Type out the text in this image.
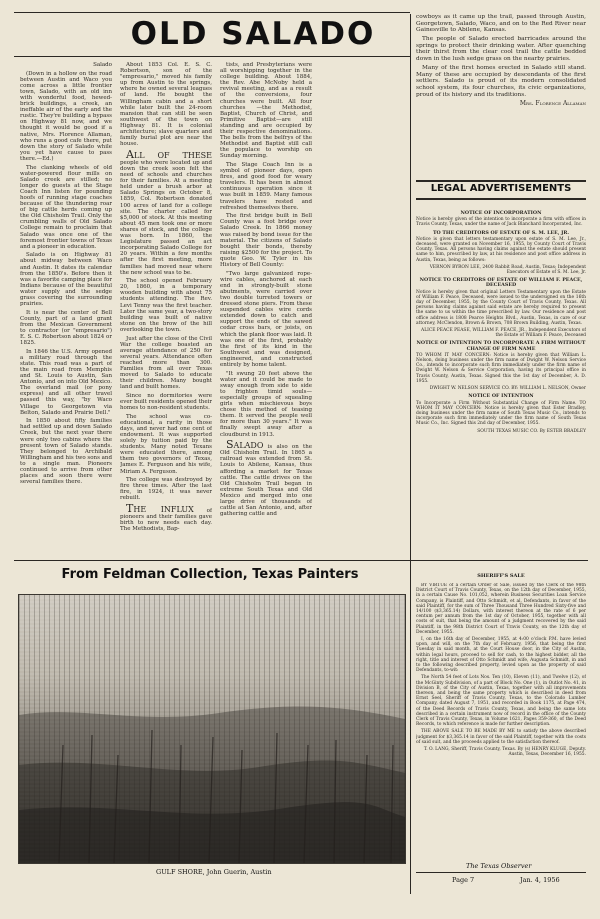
OLD SALADO

Salado

(Down in a hollow on the road between Austin and Waco you come across a little frontier town, Salado, with an old inn with wonderful food, hewed-brick buildings, a creek, an ineffable air of the early and the rustic. They're building a bypass on Highway 81 now, and we thought it would be good if a native, Mrs. Florence Allaman, who runs a good cafe there, put down the story of Salado while you yet have cause to pass there.—Ed.)

The clanking wheels of old water-powered flour mills on Salado creek are stilled; no longer do guests at the Stage Coach Inn listen for pounding hoofs of running stage coaches because of the thundering roar of big cattle herds coming up the Old Chisholm Trail. Only the crumbling walls of Old Salado College remain to proclaim that Salado was once one of the foremost frontier towns of Texas and a pioneer in education.

Salado is on Highway 81 about midway between Waco and Austin. It dates its calendar from the 1850's. Before then it was a favorite camping place for Indians because of the beautiful water supply and the sedge grass covering the surrounding prairies.

It is near the center of Bell County, part of a land grant from the Mexican Government to contractor (or "empresario") E. S. C. Robertson about 1824 or 1825.

In 1846 the U.S. Army opened a military road through the state. This road was a part of the main road from Memphis and St. Louis to Austin, San Antonio, and on into Old Mexico. The overland mail (or pony express) and all other travel passed this way, "by Waco Village to Georgetown via Belton, Salado and Prairie Dell."

In 1850 about fifty families had settled up and down Salado Creek, but the next year there were only two cabins where the present town of Salado stands. They belonged to Archibald Willingham and his two sons and to a single man. Pioneers continued to arrive from other places and soon there were several families there.

About 1853 Col. E. S. C. Robertson, son of the "empresario," moved his family up from Austin to the springs, where he owned several leagues of land. He bought the Willingham cabin and a short while later built the 24-room mansion that can still be seen southwest of the town on Highway 81. It is colonial architecture; slave quarters and family burial plot are near the house.

All of these people who were located up and down the creek soon felt the need of schools and churches for their families. At a meeting held under a brush arbor at Salado Springs on October 8, 1859, Col. Robertson donated 100 acres of land for a college site. The charter called for $5,000 of stock. At this meeting about 45 men took one or more shares of stock, and the college was born. In 1860, the Legislature passed an act incorporating Salado College for 20 years. Within a few months after the first meeting, more families had moved near where the new school was to be.

The school opened February 20, 1860, in a temporary wooden building with about 75 students attending. The Rev. Levi Tenny was the first teacher. Later the same year, a two-story building was built of native stone on the brow of the hill overlooking the town.

Just after the close of the Civil War the college boasted an average attendance of 250 for several years. Attendance often reached more than 300. Families from all over Texas moved to Salado to educate their children. Many bought land and built homes.

Since no dormitories were ever built residents opened their homes to non-resident students.

The school was co-educational, a rarity in those days, and never had one cent of endowment. It was supported solely by tuition paid by the students. Many noted Texans were educated there, among them two governors of Texas, James E. Ferguson and his wife, Miriam A. Ferguson.

The college was destroyed by fire three times. After the last fire, in 1924, it was never rebuilt.

The influx of pioneers and their families gave birth to new needs each day. The Methodists, Bap-

tists, and Presbyterians were all worshipping together in the college building. About 1884, the Rev. Abe McNoby held a revival meeting, and as a result of the conversions, four churches were built. All four churches —the Methodist, Baptist, Church of Christ, and Primitive Baptist—are still standing and are occupied by their respective denominations. The bells from the belfrys of the Methodist and Baptist still call the populace to worship on Sunday morning.

The Stage Coach Inn is a symbol of pioneer days, open fires, and good food for weary travelers. It has been in almost continuous operation since it was built in 1859. Many famous travelers have rested and refreshed themselves there.

The first bridge built in Bell County was a foot bridge over Salado Creek. In 1866 money was raised by bond issue for the material. The citizens of Salado bought their bonds, thereby raising $2500 for the project. To quote Geo. W. Tyler in his History of Bell County:

"Two large galvanized rope-wire cables, anchored at each end in strongly-built stone abutments, were carried over two double turreted towers or dressed stone piers. From these suspended cables wire cords extended down to catch and support the ends of the sawed cedar cross bars, or joists, on which the plank floor was laid. It was one of the first, probably the first of its kind in the Southwest and was designed, engineered, and constructed entirely by home talent.

"It swung 20 feet above the water and it could be made to sway enough from side to side to frighten timid souls—especially groups of squealing girls when mischievous boys chose this method of teasing them. It served the people well for more than 30 years." It was finally swept away after a cloudburst in 1913.

Salado is also on the Old Chisholm Trail. In 1865 a railroad was extended from St. Louis to Abilene, Kansas, thus affording a market for Texas cattle. The cattle drives on the Old Chisholm Trail began in extreme South Texas and Old Mexico and merged into one large drive of thousands of cattle at San Antonio, and, after gathering cattle and

cowboys as it came up the trail, passed through Austin, Georgetown, Salado, Waco, and on to the Red River near Gainesville to Abilene, Kansas.

The people of Salado erected barricades around the springs to protect their drinking water. After quenching their thirst from the clear cool trail the cattle bedded down in the lush sedge grass on the nearby prairies.

Many of the first homes erected in Salado still stand. Many of these are occupied by descendants of the first settlers. Salado is proud of its modern consolidated school system, its four churches, its civic organizations, proud of its history and its traditions.

Mrs. Florence Allaman

LEGAL ADVERTISEMENTS
NOTICE OF INCORPORATION

Notice is hereby given of the intention to incorporate a firm with offices in Travis County, Texas, under the name of Jack Blanchard Incorporated, Inc.

TO THE CREDITORS OF ESTATE OF S. M. LEE, JR.

Notice is given that letters testamentary upon estate of S. M. Lee, Jr., deceased, were granted on November 16, 1955, by County Court of Travis County, Texas. All persons having claims against the estate should present same to him, prescribed by law, at his residence and post office address in Austin, Texas, being as follows:

VERNON BYRON LEE, 2400 Rabbit Road, Austin, Texas; Independent Executors of Estate of S. M. Lee, Jr.

NOTICE TO CREDITORS OF ESTATE OF WILLIAM F. PEACE, DECEASED

Notice is hereby given that original Letters Testamentary upon the Estate of William F. Peace, Deceased, were issued to the undersigned on the 16th day of December, 1955, by the County Court of Travis County, Texas. All persons having claims against said estate are hereby required to present the same to us within the time prescribed by law. Our residence and post office address is 1808 Pearce Heights Blvd., Austin, Texas, in care of our attorney, McClendon, Brown & Brown, 708 Brown Building, Austin, Texas.

ALICE PEACE PEASE, WILLIAM F. PEACE, JR., Independent Executors of the Estate of William F. Peace, Deceased

NOTICE OF INTENTION TO INCORPORATE A FIRM WITHOUT CHANGE OF FIRM NAME

TO WHOM IT MAY CONCERN: Notice is hereby given that William L. Nelson, doing business under the firm name of Dwight W. Nelson Service Co., intends to incorporate such firm immediately under the firm name of Dwight W. Nelson & Service Corporation, having its principal office in Travis County, Austin, Texas. Signed this the 1st day of December, A. D. 1955.

DWIGHT W. NELSON SERVICE CO. BY: WILLIAM L. NELSON, Owner

NOTICE OF INTENTION

To Incorporate a Firm Without Substantial Change of Firm Name. TO WHOM IT MAY CONCERN: Notice is hereby given that Ester Bradley, doing business under the firm name of South Texas Music Co., intends to incorporate such firm immediately under the firm name of South Texas Music Co., Inc. Signed this 2nd day of December, 1955.

SOUTH TEXAS MUSIC CO. By ESTER BRADLEY

From Feldman Collection, Texas Painters
GULF SHORE, John Guerin, Austin
SHERIFF'S SALE

BY VIRTUE of a certain Order of Sale, issued by the Clerk of the 98th District Court of Travis County, Texas, on the 12th day of December, 1955, in a certain Cause No. 101,052, wherein Business Securities Loan Service Company, is Plaintiff, and Otto Schmidt, et al, Defendants, in favor of the said Plaintiff, for the sum of Three Thousand Three Hundred Sixty-five and 14/100 ($3,365.14) Dollars, with interest thereon at the rate of 6 per centum per annum from the 1st day of October, 1955, together with all costs of suit, that being the amount of a judgment recovered by the said Plaintiff, in the 98th District Court of Travis County, on the 12th day of December, 1955.

I, on the 16th day of December, 1955, at 4:00 o'clock P.M. have levied upon, and will, on the 7th day of February, 1956, that being the first Tuesday in said month, at the Court House door, in the City of Austin, within legal hours, proceed to sell for cash, to the highest bidder, all the right, title and interest of Otto Schmidt and wife, Augusta Schmidt, in and to the following described property, levied upon as the property of said Defendants, to-wit:

The North 54 feet of Lots Nos. Ten (10), Eleven (11), and Twelve (12), of the McGinty Subdivision, of a part of Block No. One (1), in Outlot No. 41, in Division B, of the City of Austin, Texas, together with all improvements thereon, and being the same property which is described in deed from Ernst Seel, Sheriff of Travis County, Texas, to the Colorado Lumber Company, dated August 7, 1951, and recorded in Book 1175, at Page 474, of the Deed Records of Travis County, Texas, and being the same lots described in a certain instrument now of record in the office of the County Clerk of Travis County, Texas, in Volume 1621, Pages 359-360, of the Deed Records, to which reference is made for further description.

THE ABOVE SALE TO BE MADE BY ME to satisfy the above described judgment for $3,365.14 in favor of the said Plaintiff, together with the costs of said suit, and the proceeds applied to the satisfaction thereof.

T. O. LANG, Sheriff, Travis County, Texas. By (s) HENRY KLUGE, Deputy. Austin, Texas, December 16, 1955.

The Texas Observer
Page 7	Jan. 4, 1956
